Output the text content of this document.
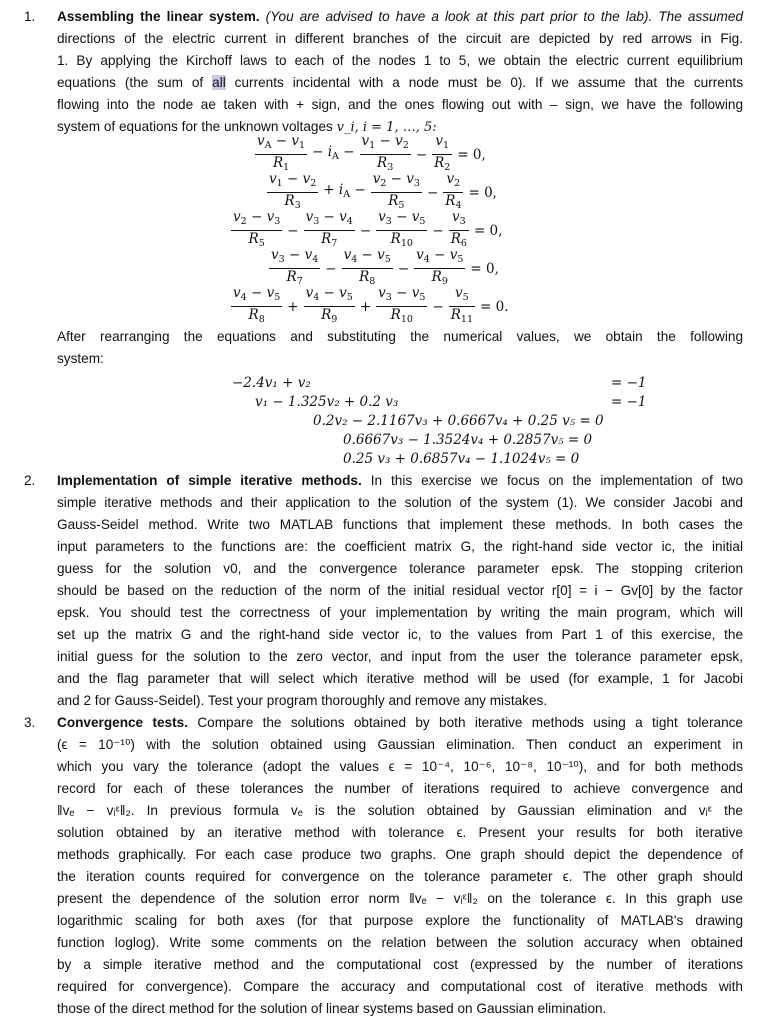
1. Assembling the linear system. (You are advised to have a look at this part prior to the lab). The assumed
directions of the electric current in different branches of the circuit are depicted by red arrows in Fig.
1. By applying the Kirchoff laws to each of the nodes 1 to 5, we obtain the electric current equilibrium
equations (the sum of all currents incidental with a node must be 0). If we assume that the currents
flowing into the node ae taken with + sign, and the ones flowing out with – sign, we have the following
system of equations for the unknown voltages v_i, i = 1, …, 5:
$\frac{v_A - v_1}{R_1} - i_A - \frac{v_1 - v_2}{R_3} - \frac{v_1}{R_2} = 0$,
$\frac{v_1 - v_2}{R_3} + i_A - \frac{v_2 - v_3}{R_5} - \frac{v_2}{R_4} = 0$,
$\frac{v_2 - v_3}{R_5} - \frac{v_3 - v_4}{R_7} - \frac{v_3 - v_5}{R_{10}} - \frac{v_3}{R_6} = 0$,
$\frac{v_3 - v_4}{R_7} - \frac{v_4 - v_5}{R_8} - \frac{v_4 - v_5}{R_9} = 0$,
$\frac{v_4 - v_5}{R_8} + \frac{v_4 - v_5}{R_9} + \frac{v_3 - v_5}{R_{10}} - \frac{v_5}{R_{11}} = 0$.
After rearranging the equations and substituting the numerical values, we obtain the following
system:
−2.4v₁ + v₂	= −1
v₁ − 1.325v₂ + 0.2 v₃	= −1
0.2v₂ − 2.1167v₃ + 0.6667v₄ + 0.25 v₅ = 0
0.6667v₃ − 1.3524v₄ + 0.2857v₅ = 0
0.25 v₃ + 0.6857v₄ − 1.1024v₅ = 0
2. Implementation of simple iterative methods. In this exercise we focus on the implementation of two
simple iterative methods and their application to the solution of the system (1). We consider Jacobi and
Gauss-Seidel method. Write two MATLAB functions that implement these methods. In both cases the
input parameters to the functions are: the coefficient matrix G, the right-hand side vector ic, the initial
guess for the solution v0, and the convergence tolerance parameter epsk. The stopping criterion
should be based on the reduction of the norm of the initial residual vector r[0] = i − Gv[0] by the factor
epsk. You should test the correctness of your implementation by writing the main program, which will
set up the matrix G and the right-hand side vector ic, to the values from Part 1 of this exercise, the
initial guess for the solution to the zero vector, and input from the user the tolerance parameter epsk,
and the flag parameter that will select which iterative method will be used (for example, 1 for Jacobi
and 2 for Gauss-Seidel). Test your program thoroughly and remove any mistakes.
3. Convergence tests. Compare the solutions obtained by both iterative methods using a tight tolerance
(ϵ = 10⁻¹⁰) with the solution obtained using Gaussian elimination. Then conduct an experiment in
which you vary the tolerance (adopt the values ϵ = 10⁻⁴, 10⁻⁶, 10⁻⁸, 10⁻¹⁰), and for both methods
record for each of these tolerances the number of iterations required to achieve convergence and
‖vₑ − vᵢᵋ‖₂. In previous formula vₑ is the solution obtained by Gaussian elimination and vᵢᵋ the
solution obtained by an iterative method with tolerance ϵ. Present your results for both iterative
methods graphically. For each case produce two graphs. One graph should depict the dependence of
the iteration counts required for convergence on the tolerance parameter ϵ. The other graph should
present the dependence of the solution error norm ‖vₑ − vᵢᵋ‖₂ on the tolerance ϵ. In this graph use
logarithmic scaling for both axes (for that purpose explore the functionality of MATLAB's drawing
function loglog). Write some comments on the relation between the solution accuracy when obtained
by a simple iterative method and the computational cost (expressed by the number of iterations
required for convergence). Compare the accuracy and computational cost of iterative methods with
those of the direct method for the solution of linear systems based on Gaussian elimination.
